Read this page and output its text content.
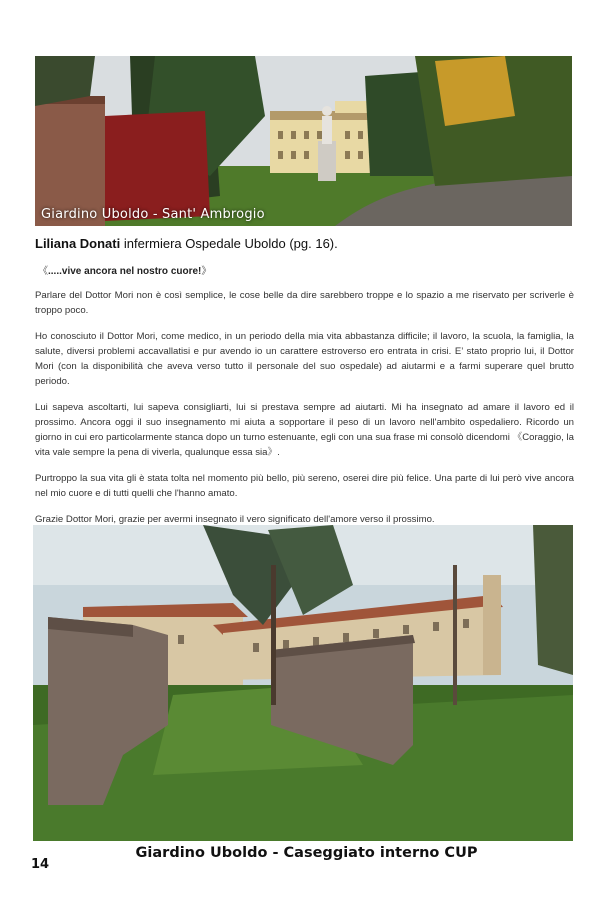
Giardino Uboldo - Sant' Ambrogio
Liliana Donati infermiera Ospedale Uboldo (pg. 16).
《.....vive ancora nel nostro cuore!》

Parlare del Dottor Mori non è così semplice, le cose belle da dire sarebbero troppe e lo spazio a me riservato per scriverle è troppo poco.

Ho conosciuto il Dottor Mori, come medico, in un periodo della mia vita abbastanza difficile; il lavoro, la scuola, la famiglia, la salute, diversi problemi accavallatisi e pur avendo io un carattere estroverso ero entrata in crisi. E’ stato proprio lui, il Dottor Mori (con la disponibilità che aveva verso tutto il personale del suo ospedale) ad aiutarmi e a farmi superare quel brutto periodo.

Lui sapeva ascoltarti, lui sapeva consigliarti, lui si prestava sempre ad aiutarti. Mi ha insegnato ad amare il lavoro ed il prossimo. Ancora oggi il suo insegnamento mi aiuta a sopportare il peso di un lavoro nell'ambito ospedaliero. Ricordo un giorno in cui ero particolarmente stanca dopo un turno estenuante, egli con una sua frase mi consolò dicendomi 《Coraggio, la vita vale sempre la pena di viverla, qualunque essa sia》.

Purtroppo la sua vita gli è stata tolta nel momento più bello, più sereno, oserei dire più felice. Una parte di lui però vive ancora nel mio cuore e di tutti quelli che l'hanno amato.

Grazie Dottor Mori, grazie per avermi insegnato il vero significato dell'amore verso il prossimo.

Giardino Uboldo - Caseggiato interno CUP
14
